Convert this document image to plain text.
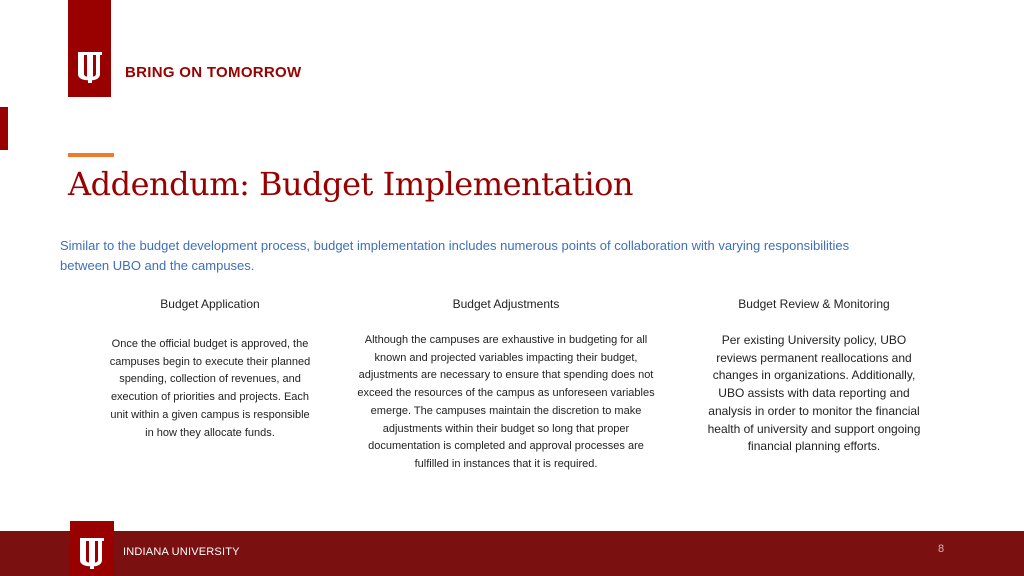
BRING ON TOMORROW
Addendum: Budget Implementation

Similar to the budget development process, budget implementation includes numerous points of collaboration with varying responsibilities between UBO and the campuses.

Budget Application
Once the official budget is approved, the campuses begin to execute their planned spending, collection of revenues, and execution of priorities and projects. Each unit within a given campus is responsible in how they allocate funds.
Budget Adjustments
Although the campuses are exhaustive in budgeting for all known and projected variables impacting their budget, adjustments are necessary to ensure that spending does not exceed the resources of the campus as unforeseen variables emerge. The campuses maintain the discretion to make adjustments within their budget so long that proper documentation is completed and approval processes are fulfilled in instances that it is required.
Budget Review & Monitoring
Per existing University policy, UBO reviews permanent reallocations and changes in organizations. Additionally, UBO assists with data reporting and analysis in order to monitor the financial health of university and support ongoing financial planning efforts.
INDIANA UNIVERSITY	8
